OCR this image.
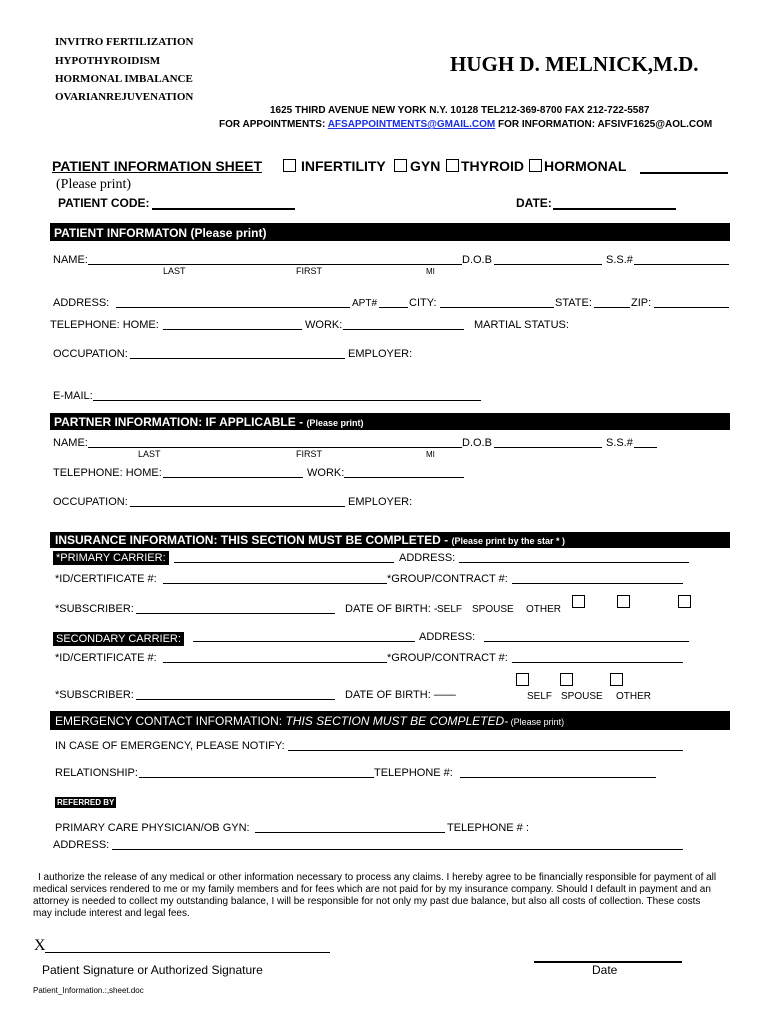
INVITRO FERTILIZATION
HYPOTHYROIDISM
HORMONAL IMBALANCE
OVARIANREJUVENATION
HUGH D. MELNICK,M.D.
1625 THIRD AVENUE NEW YORK N.Y. 10128 TEL212-369-8700 FAX 212-722-5587
FOR APPOINTMENTS: AFSAPPOINTMENTS@GMAIL.COM FOR INFORMATION: AFSIVF1625@AOL.COM
PATIENT INFORMATION SHEET	INFERTILITY GYN THYROID HORMONAL
(Please print)
PATIENT CODE:	DATE:
PATIENT INFORMATON (Please print)
NAME:
LAST	FIRST	MI
D.O.B	S.S.#
ADDRESS:	APT#	CITY:	STATE:	ZIP:
TELEPHONE: HOME:	WORK:	MARTIAL STATUS:
OCCUPATION:	EMPLOYER:
E-MAIL:
PARTNER INFORMATION: IF APPLICABLE - (Please print)
NAME:
LAST	FIRST	MI
D.O.B	S.S.#
TELEPHONE: HOME:	WORK:
OCCUPATION:	EMPLOYER:
INSURANCE INFORMATION: THIS SECTION MUST BE COMPLETED - (Please print by the star * )
*PRIMARY CARRIER:	ADDRESS:
*ID/CERTIFICATE #:	*GROUP/CONTRACT #:
*SUBSCRIBER:	DATE OF BIRTH: - SELF SPOUSE OTHER
SECONDARY CARRIER:	ADDRESS:
*ID/CERTIFICATE #:	*GROUP/CONTRACT #:
*SUBSCRIBER:	DATE OF BIRTH: ——	SELF SPOUSE OTHER
EMERGENCY CONTACT INFORMATION: THIS SECTION MUST BE COMPLETED- (Please print)
IN CASE OF EMERGENCY, PLEASE NOTIFY:
RELATIONSHIP:	TELEPHONE #:
REFERRED BY
PRIMARY CARE PHYSICIAN/OB GYN:	TELEPHONE # :
ADDRESS:
I authorize the release of any medical or other information necessary to process any claims. I hereby agree to be financially responsible for payment of all
medical services rendered to me or my family members and for fees which are not paid for by my insurance company. Should I default in payment and an
attorney is needed to collect my outstanding balance, I will be responsible for not only my past due balance, but also all costs of collection. These costs
may include interest and legal fees.
X
Patient Signature or Authorized Signature	Date
Patient_Information.:,sheet.doc
